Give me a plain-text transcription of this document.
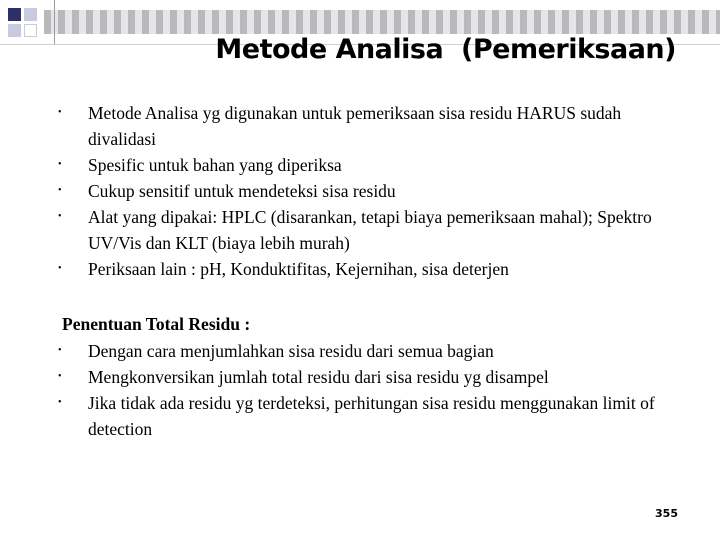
Metode Analisa  (Pemeriksaan)
• Metode Analisa yg digunakan untuk pemeriksaan sisa residu HARUS sudah divalidasi
• Spesific untuk bahan yang diperiksa
• Cukup sensitif untuk mendeteksi sisa residu
• Alat yang dipakai: HPLC (disarankan, tetapi biaya pemeriksaan mahal); Spektro UV/Vis dan KLT (biaya lebih murah)
• Periksaan lain : pH, Konduktifitas, Kejernihan, sisa deterjen
Penentuan Total Residu :
• Dengan cara menjumlahkan sisa residu dari semua bagian
• Mengkonversikan jumlah total residu dari sisa residu yg disampel
• Jika tidak ada residu yg terdeteksi, perhitungan sisa residu menggunakan limit of detection
355
